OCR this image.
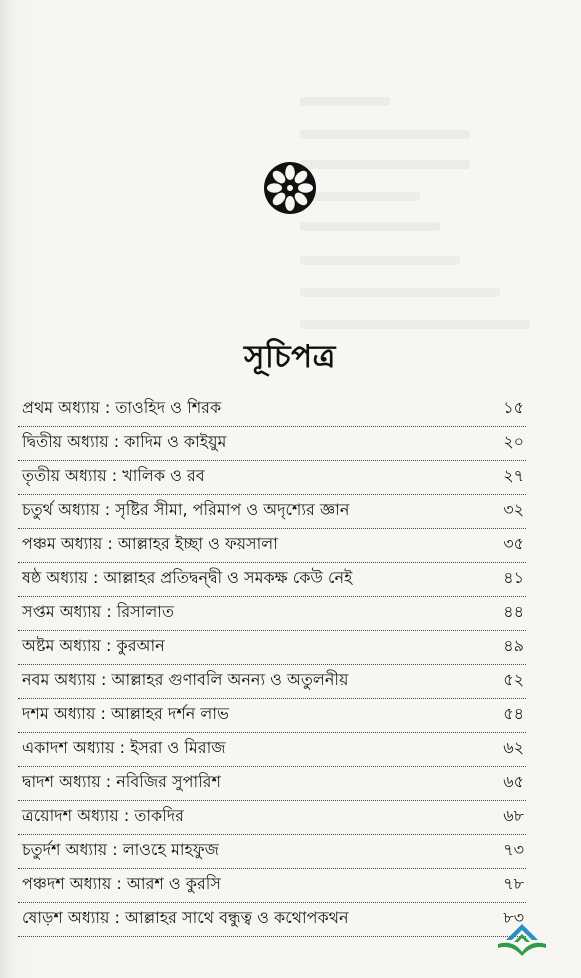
সূচিপত্র
প্রথম অধ্যায় : তাওহিদ ও শিরক	১৫
দ্বিতীয় অধ্যায় : কাদিম ও কাইয়ুম	২০
তৃতীয় অধ্যায় : খালিক ও রব	২৭
চতুর্থ অধ্যায় : সৃষ্টির সীমা, পরিমাপ ও অদৃশ্যের জ্ঞান	৩২
পঞ্চম অধ্যায় : আল্লাহর ইচ্ছা ও ফয়সালা	৩৫
ষষ্ঠ অধ্যায় : আল্লাহর প্রতিদ্বন্দ্বী ও সমকক্ষ কেউ নেই	৪১
সপ্তম অধ্যায় : রিসালাত	৪৪
অষ্টম অধ্যায় : কুরআন	৪৯
নবম অধ্যায় : আল্লাহর গুণাবলি অনন্য ও অতুলনীয়	৫২
দশম অধ্যায় : আল্লাহর দর্শন লাভ	৫৪
একাদশ অধ্যায় : ইসরা ও মিরাজ	৬২
দ্বাদশ অধ্যায় : নবিজির সুপারিশ	৬৫
ত্রয়োদশ অধ্যায় : তাকদির	৬৮
চতুর্দশ অধ্যায় : লাওহে মাহফুজ	৭৩
পঞ্চদশ অধ্যায় : আরশ ও কুরসি	৭৮
ষোড়শ অধ্যায় : আল্লাহর সাথে বন্ধুত্ব ও কথোপকথন	৮৩
